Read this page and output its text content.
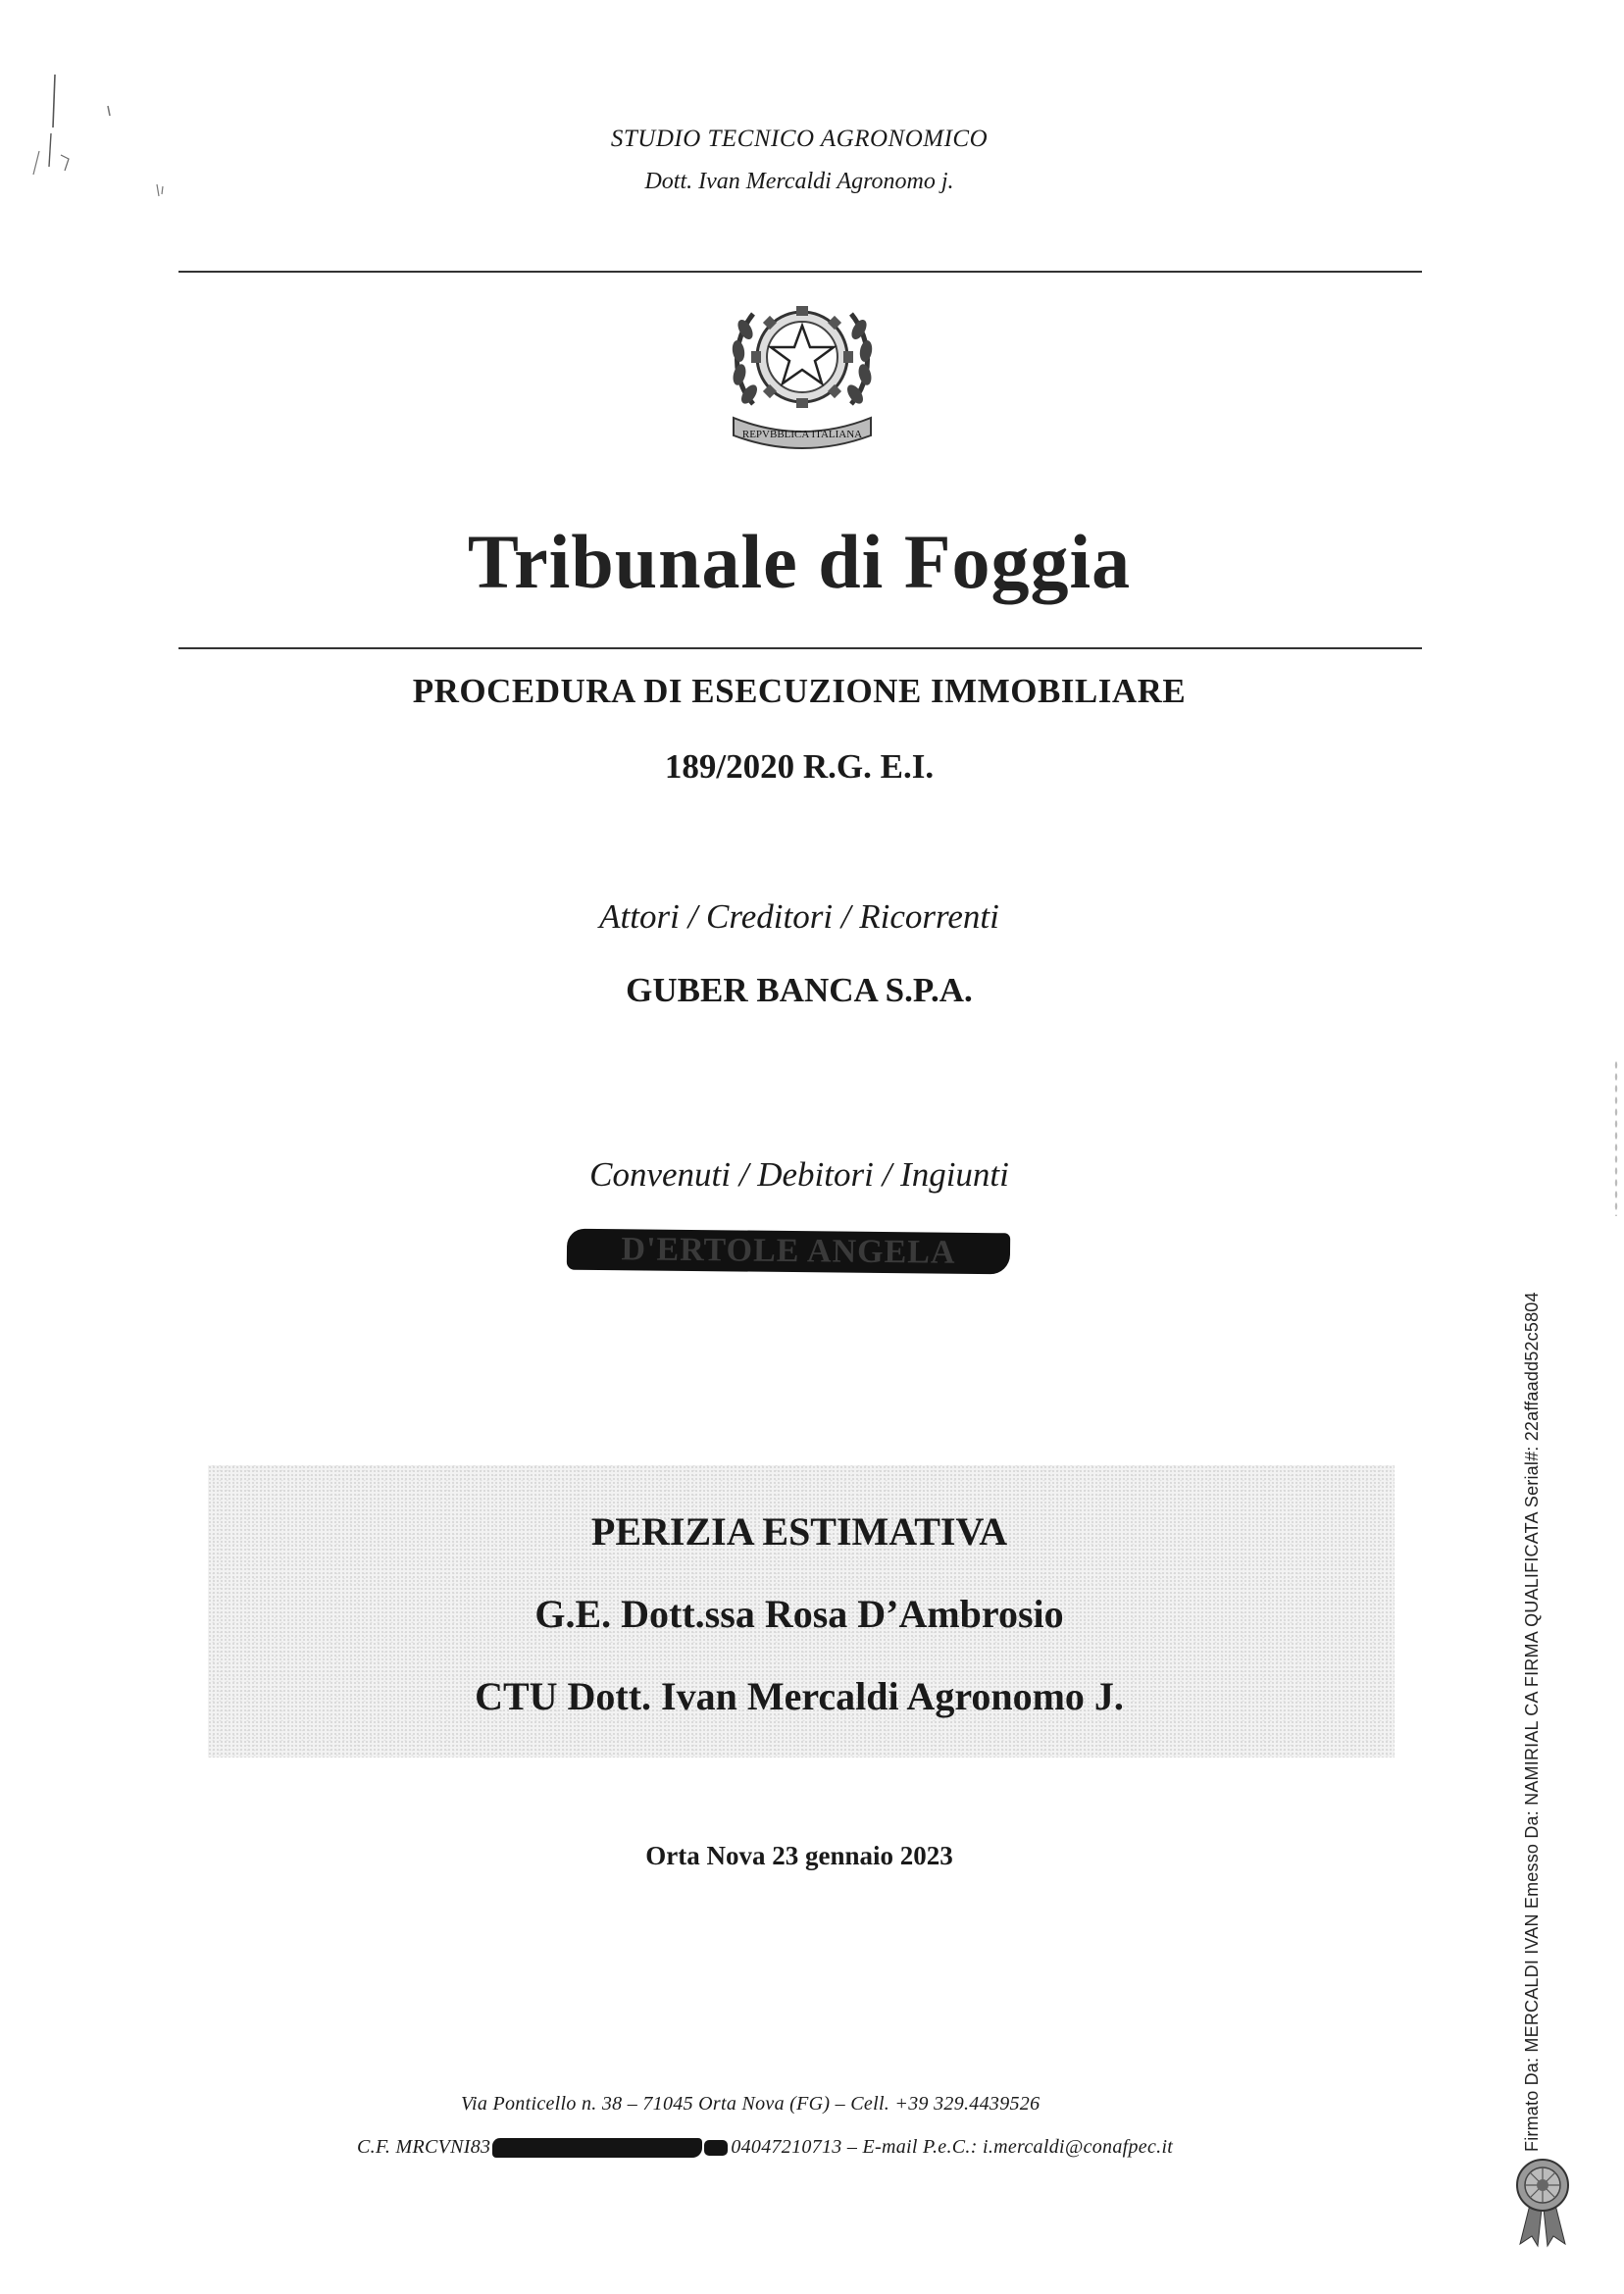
STUDIO TECNICO AGRONOMICO
Dott. Ivan Mercaldi Agronomo j.
REPVBBLICA ITALIANA
Tribunale di Foggia
PROCEDURA DI ESECUZIONE IMMOBILIARE
189/2020 R.G. E.I.
Attori / Creditori / Ricorrenti
GUBER BANCA S.P.A.
Convenuti / Debitori / Ingiunti
D'ERTOLE ANGELA
PERIZIA ESTIMATIVA
G.E. Dott.ssa Rosa D’Ambrosio
CTU Dott. Ivan Mercaldi Agronomo J.
Orta Nova 23 gennaio 2023
Via Ponticello n. 38 – 71045 Orta Nova (FG) – Cell. +39 329.4439526
C.F. MRCVNI83	04047210713 – E-mail P.e.C.: i.mercaldi@conafpec.it	Firmato Da: MERCALDI IVAN Emesso Da: NAMIRIAL CA FIRMA QUALIFICATA Serial#: 22affaadd52c5804
